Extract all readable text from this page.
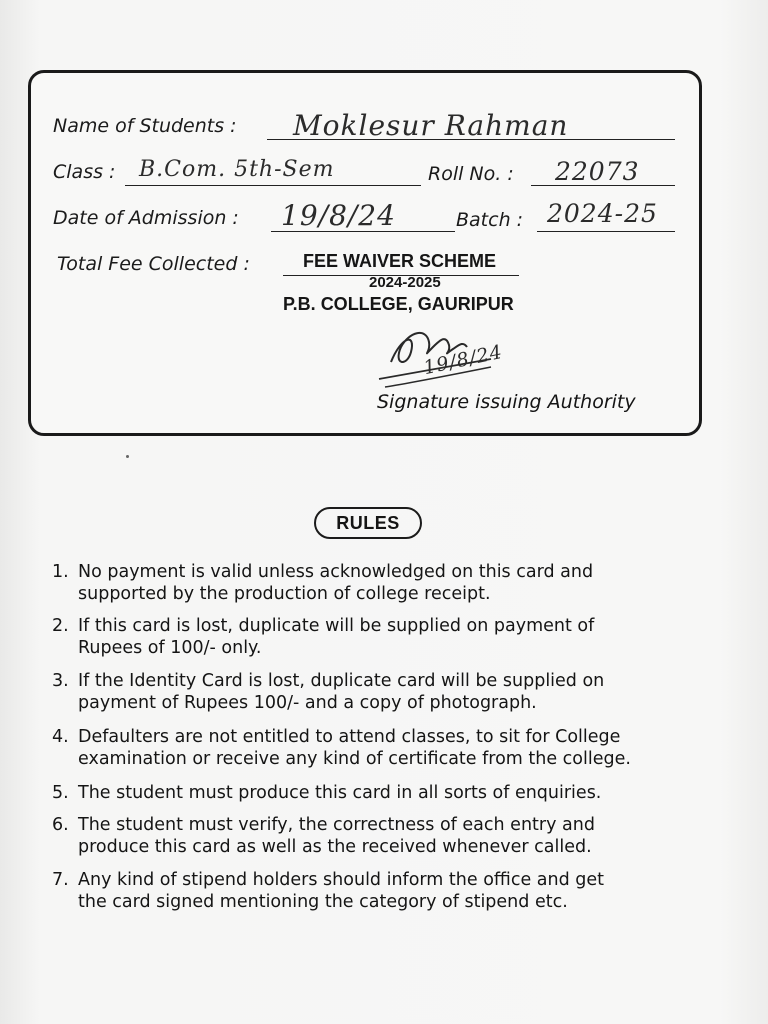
Name of Students : Moklesur Rahman
Class : B.Com. 5th-Sem	Roll No. : 22073
Date of Admission : 19/8/24	Batch : 2024-25
Total Fee Collected :	FEE WAIVER SCHEME
2024-2025
P.B. COLLEGE, GAURIPUR
19/8/24
Signature issuing Authority
RULES
1. No payment is valid unless acknowledged on this card and
supported by the production of college receipt.
2. If this card is lost, duplicate will be supplied on payment of
Rupees of 100/- only.
3. If the Identity Card is lost, duplicate card will be supplied on
payment of Rupees 100/- and a copy of photograph.
4. Defaulters are not entitled to attend classes, to sit for College
examination or receive any kind of certificate from the college.
5. The student must produce this card in all sorts of enquiries.
6. The student must verify, the correctness of each entry and
produce this card as well as the received whenever called.
7. Any kind of stipend holders should inform the office and get
the card signed mentioning the category of stipend etc.
